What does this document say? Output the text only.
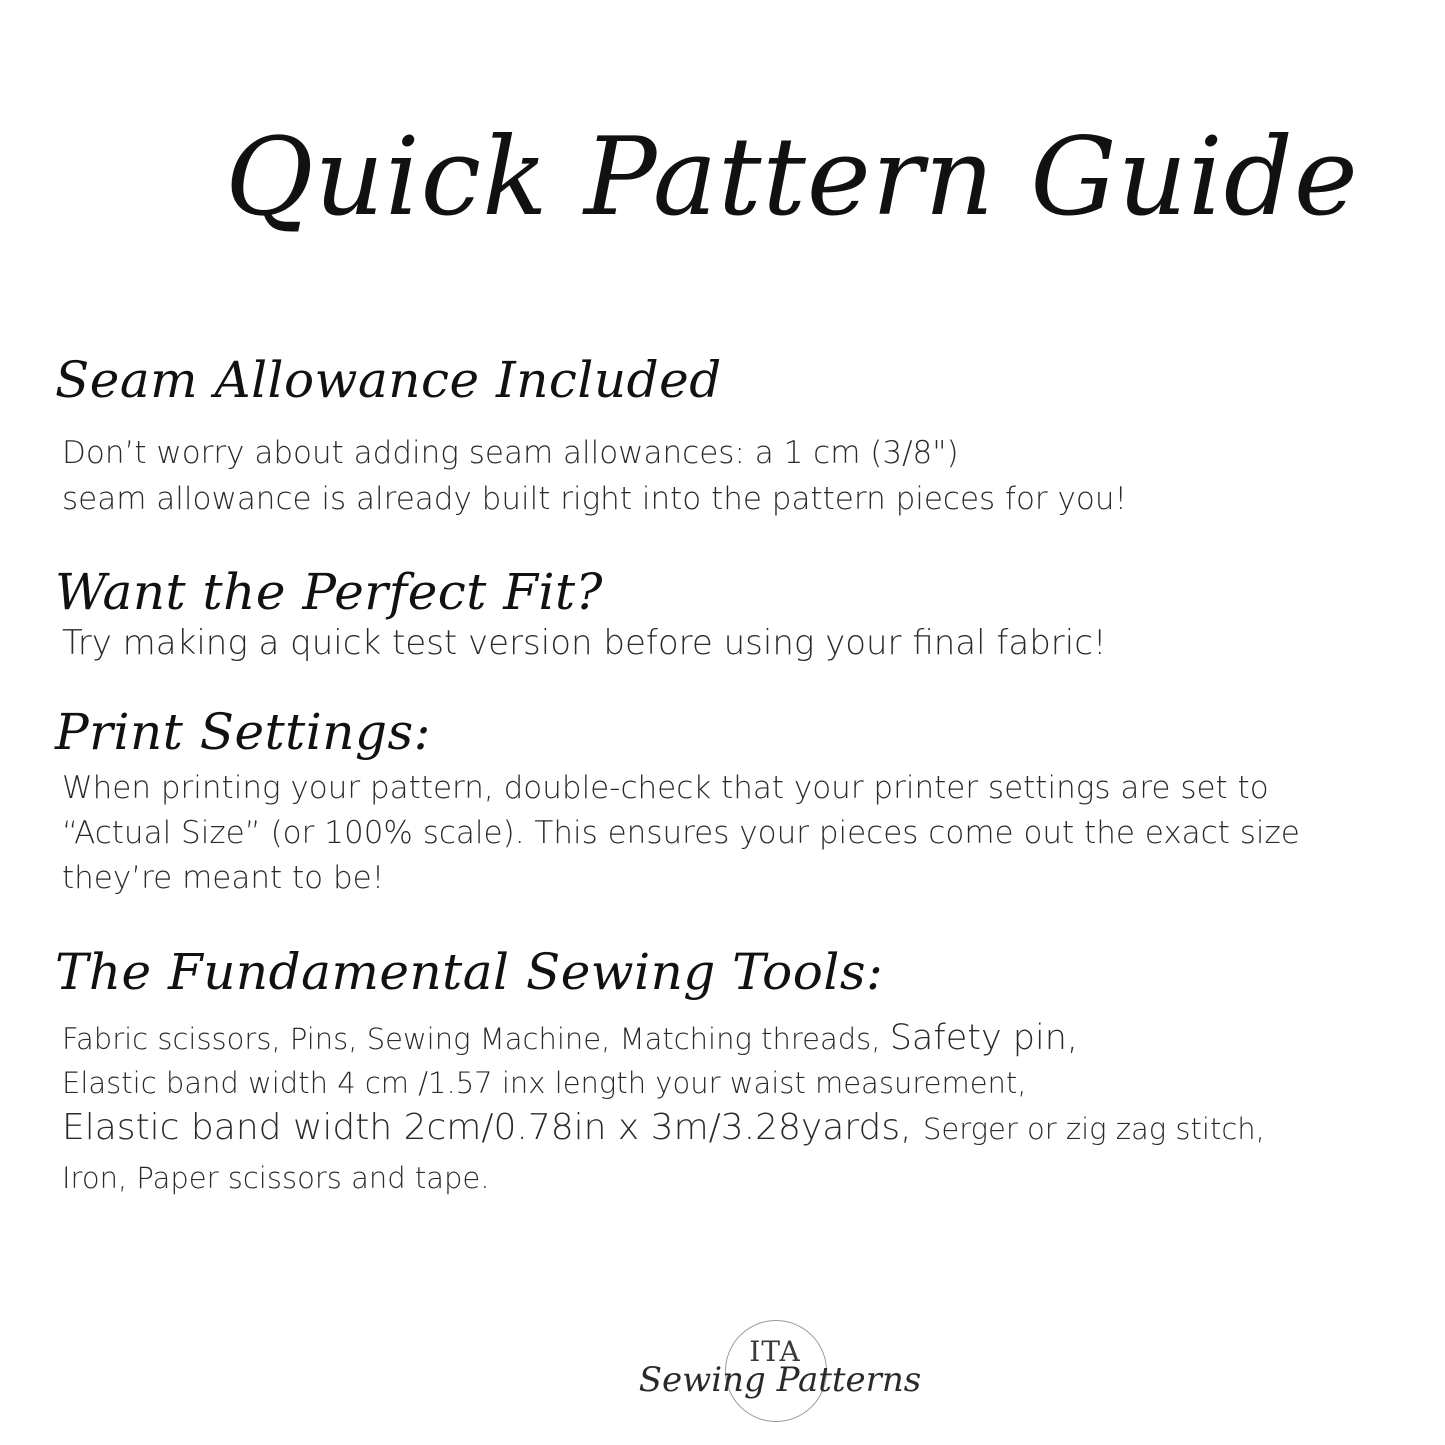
Quick Pattern Guide
Seam Allowance Included
Don’t worry about adding seam allowances: a 1 cm (3/8")
seam allowance is already built right into the pattern pieces for you!
Want the Perfect Fit?
Try making a quick test version before using your final fabric!
Print Settings:
When printing your pattern, double-check that your printer settings are set to
“Actual Size” (or 100% scale). This ensures your pieces come out the exact size
they’re meant to be!
The Fundamental Sewing Tools:
Fabric scissors, Pins, Sewing Machine, Matching threads, Safety pin,
Elastic band width 4 cm /1.57 inx length your waist measurement,
Elastic band width 2cm/0.78in x 3m/3.28yards, Serger or zig zag stitch,
Iron, Paper scissors and tape.
ITA
Sewing Patterns
